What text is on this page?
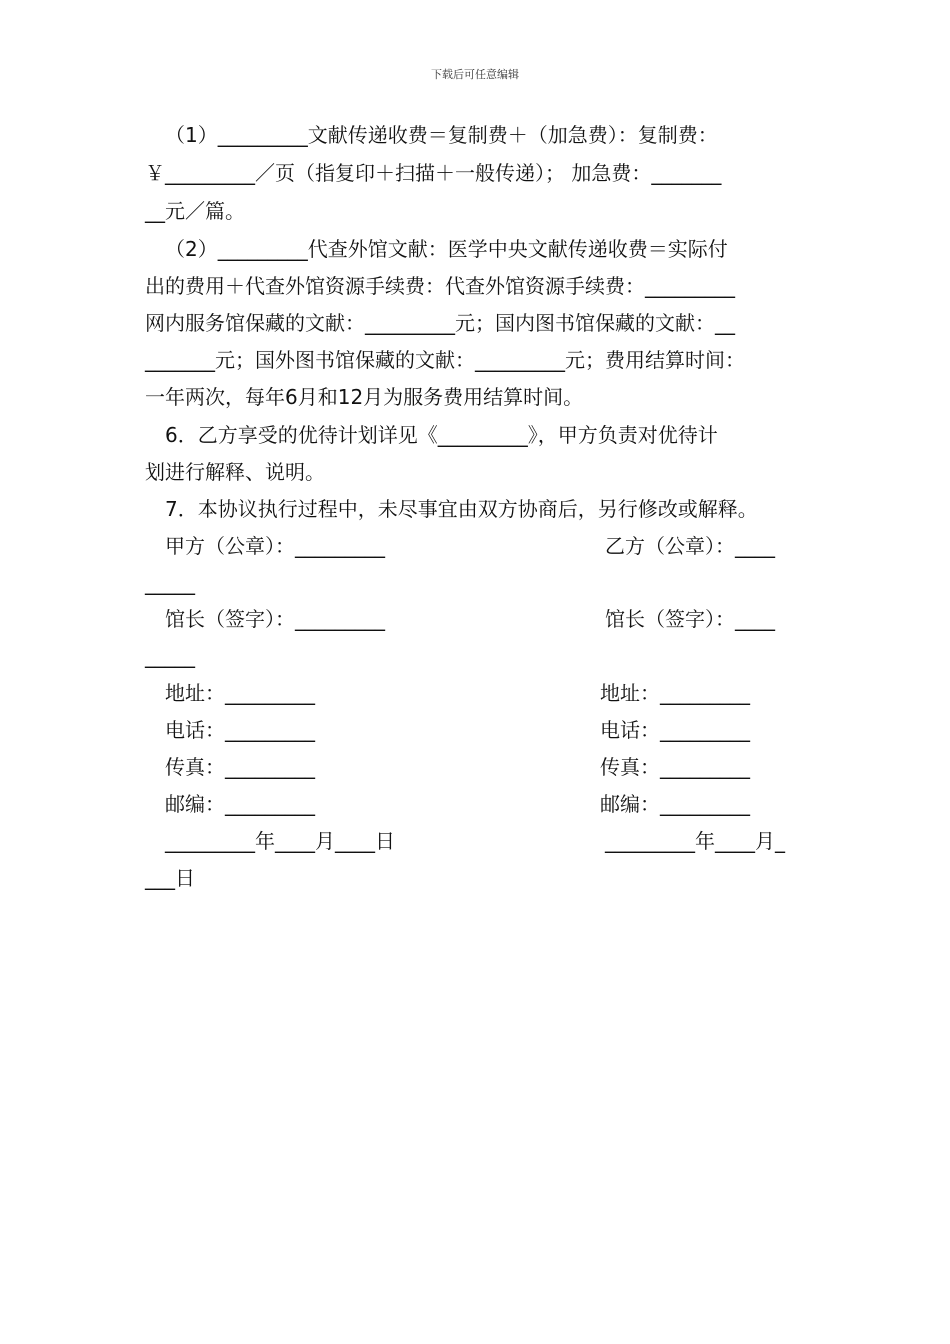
下载后可任意编辑
（1）_________文献传递收费＝复制费＋（加急费）：复制费：
￥_________／页（指复印＋扫描＋一般传递）； 加急费：_______
__元／篇。
（2）_________代查外馆文献：医学中央文献传递收费＝实际付
出的费用＋代查外馆资源手续费：代查外馆资源手续费：_________
网内服务馆保藏的文献：_________元；国内图书馆保藏的文献：__
_______元；国外图书馆保藏的文献：_________元；费用结算时间：
一年两次，每年6月和12月为服务费用结算时间。
6．乙方享受的优待计划详见《_________》，甲方负责对优待计
划进行解释、说明。
7．本协议执行过程中，未尽事宜由双方协商后，另行修改或解释。
甲方（公章）：_________	乙方（公章）：____
_____
馆长（签字）：_________	馆长（签字）：____
_____
地址：_________	地址：_________
电话：_________	电话：_________
传真：_________	传真：_________
邮编：_________	邮编：_________
_________年____月____日	_________年____月_
___日
